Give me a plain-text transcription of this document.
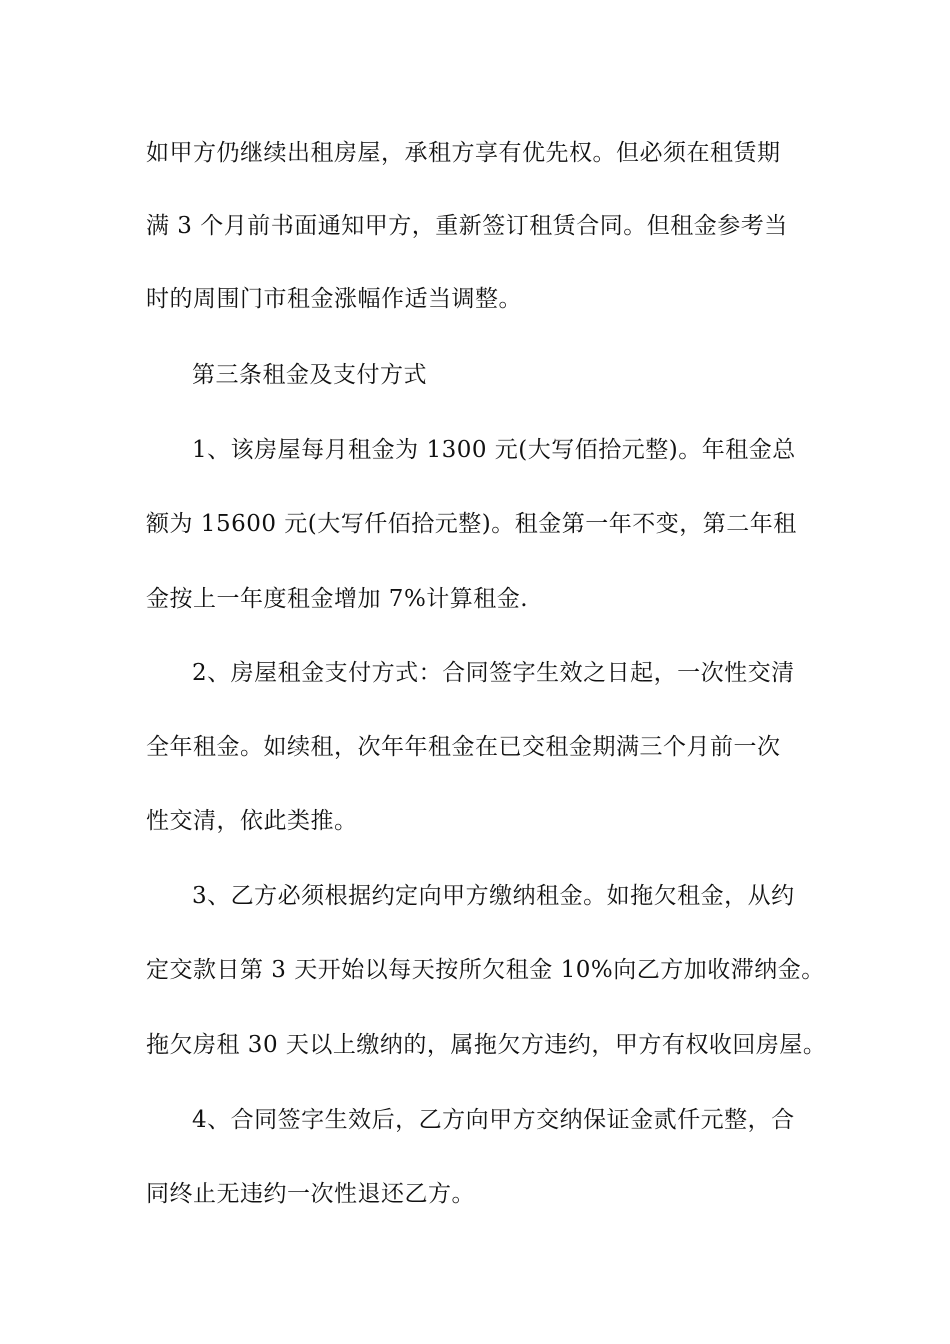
如甲方仍继续出租房屋，承租方享有优先权。但必须在租赁期
满 3 个月前书面通知甲方，重新签订租赁合同。但租金参考当
时的周围门市租金涨幅作适当调整。
第三条租金及支付方式
1、该房屋每月租金为 1300 元(大写佰拾元整)。年租金总
额为 15600 元(大写仟佰拾元整)。租金第一年不变，第二年租
金按上一年度租金增加 7%计算租金.
2、房屋租金支付方式：合同签字生效之日起，一次性交清
全年租金。如续租，次年年租金在已交租金期满三个月前一次
性交清，依此类推。
3、乙方必须根据约定向甲方缴纳租金。如拖欠租金，从约
定交款日第 3 天开始以每天按所欠租金 10%向乙方加收滞纳金。
拖欠房租 30 天以上缴纳的，属拖欠方违约，甲方有权收回房屋。
4、合同签字生效后，乙方向甲方交纳保证金贰仟元整，合
同终止无违约一次性退还乙方。
